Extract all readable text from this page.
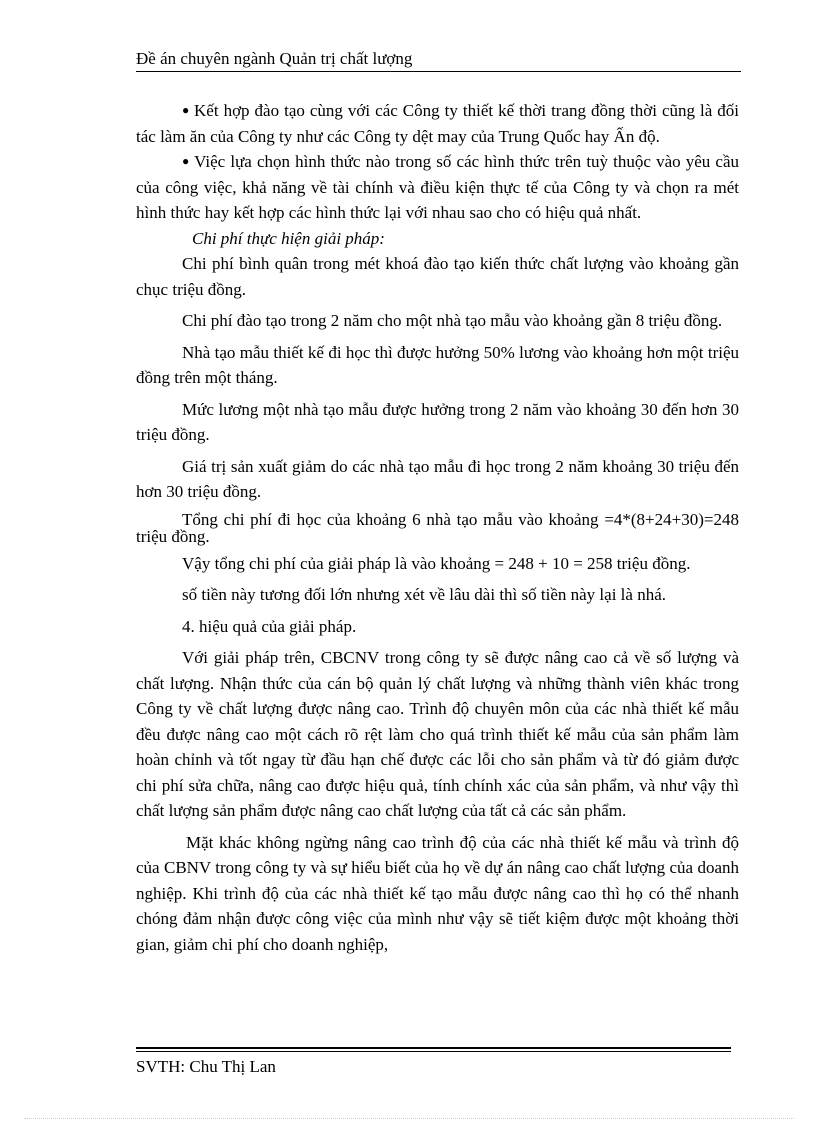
Đề án chuyên ngành Quản trị chất lượng

● Kết hợp đào tạo cùng với các Công ty thiết kế thời trang đồng thời cũng là đối tác làm ăn của Công ty như các Công ty dệt may của Trung Quốc hay Ấn độ.

● Việc lựa chọn hình thức nào trong số các hình thức trên tuỳ thuộc vào yêu cầu của công việc, khả năng về tài chính và điều kiện thực tế của Công ty và chọn ra mét hình thức hay kết hợp các hình thức lại với nhau sao cho có hiệu quả nhất.

Chi phí thực hiện giải pháp:

Chi phí bình quân trong mét khoá đào tạo kiến thức chất lượng vào khoảng gần chục triệu đồng.

Chi phí đào tạo trong 2 năm cho một nhà tạo mẫu vào khoảng gần 8 triệu đồng.

Nhà tạo mẫu thiết kế đi học thì được hưởng 50% lương vào khoảng hơn một triệu đồng trên một tháng.

Mức lương một nhà tạo mẫu được hưởng trong 2 năm vào khoảng 30 đến hơn 30 triệu đồng.

Giá trị sản xuất giảm do các nhà tạo mẫu đi học trong 2 năm khoảng 30 triệu đến hơn 30 triệu đồng.

Tổng chi phí đi học của khoảng 6 nhà tạo mẫu vào khoảng =4*(8+24+30)=248 triệu đồng.

Vậy tổng chi phí của giải pháp là vào khoảng = 248 + 10 = 258 triệu đồng.

số tiền này tương đối lớn nhưng xét về lâu dài thì số tiền này lại là nhá.

4. hiệu quả của giải pháp.

Với giải pháp trên, CBCNV trong công ty sẽ được nâng cao cả về số lượng và chất lượng. Nhận thức của cán bộ quản lý chất lượng và những thành viên khác trong Công ty về chất lượng được nâng cao. Trình độ chuyên môn của các nhà thiết kế mẫu đều được nâng cao một cách rõ rệt làm cho quá trình thiết kế mẫu của sản phẩm làm hoàn chỉnh và tốt ngay từ đầu hạn chế được các lỗi cho sản phẩm và từ đó giảm được chi phí sửa chữa, nâng cao được hiệu quả, tính chính xác của sản phẩm, và như vậy thì chất lượng sản phẩm được nâng cao chất lượng của tất cả các sản phẩm.

Mặt khác không ngừng nâng cao trình độ của các nhà thiết kế mẫu và trình độ của CBNV trong công ty và sự hiểu biết của họ về dự án nâng cao chất lượng của doanh nghiệp. Khi trình độ của các nhà thiết kế tạo mẫu được nâng cao thì họ có thể nhanh chóng đảm nhận được công việc của mình như vậy sẽ tiết kiệm được một khoảng thời gian, giảm chi phí cho doanh nghiệp,

SVTH: Chu Thị Lan
